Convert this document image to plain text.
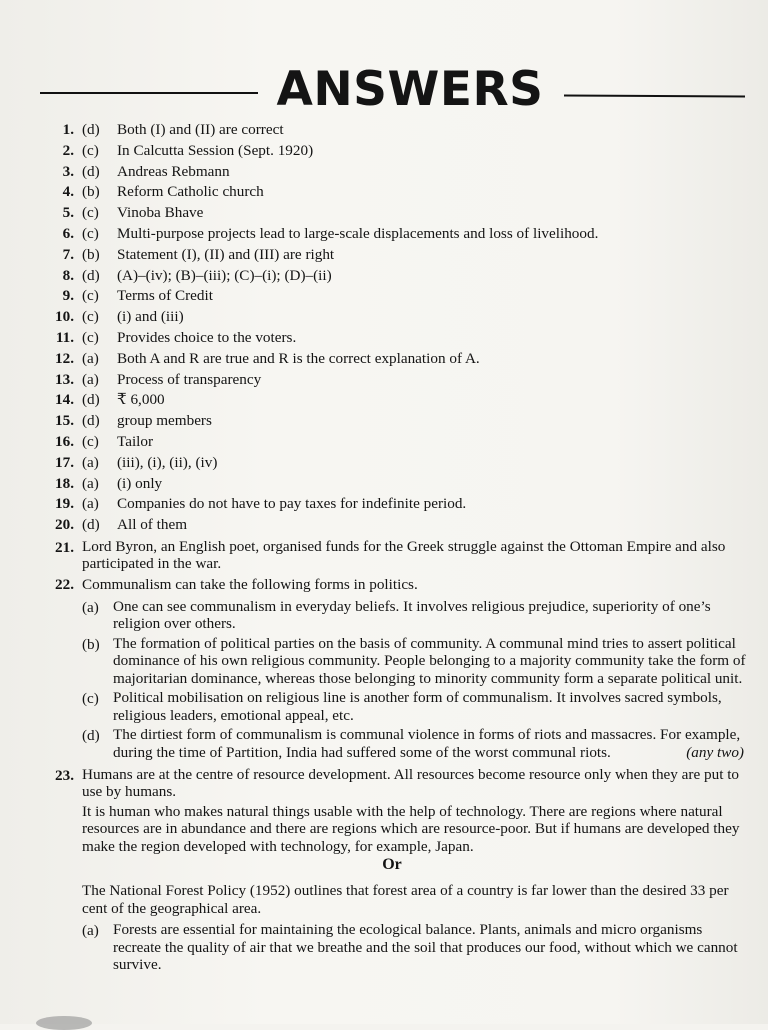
ANSWERS
1. (d)	Both (I) and (II) are correct
2. (c)	In Calcutta Session (Sept. 1920)
3. (d)	Andreas Rebmann
4. (b)	Reform Catholic church
5. (c)	Vinoba Bhave
6. (c)	Multi-purpose projects lead to large-scale displacements and loss of livelihood.
7. (b)	Statement (I), (II) and (III) are right
8. (d)	(A)–(iv); (B)–(iii); (C)–(i); (D)–(ii)
9. (c)	Terms of Credit
10. (c)	(i) and (iii)
11. (c)	Provides choice to the voters.
12. (a)	Both A and R are true and R is the correct explanation of A.
13. (a)	Process of transparency
14. (d)	₹ 6,000
15. (d)	group members
16. (c)	Tailor
17. (a)	(iii), (i), (ii), (iv)
18. (a)	(i) only
19. (a)	Companies do not have to pay taxes for indefinite period.
20. (d)	All of them
21. Lord Byron, an English poet, organised funds for the Greek struggle against the Ottoman Empire and also participated in the war.
22. Communalism can take the following forms in politics.
(a) One can see communalism in everyday beliefs. It involves religious prejudice, superiority of one’s religion over others.
(b) The formation of political parties on the basis of community. A communal mind tries to assert political dominance of his own religious community. People belonging to a majority community take the form of majoritarian dominance, whereas those belonging to minority community form a separate political unit.
(c) Political mobilisation on religious line is another form of communalism. It involves sacred symbols, religious leaders, emotional appeal, etc.
(d) The dirtiest form of communalism is communal violence in forms of riots and massacres. For example, during the time of Partition, India had suffered some of the worst communal riots.	(any two)
23. Humans are at the centre of resource development. All resources become resource only when they are put to use by humans.
It is human who makes natural things usable with the help of technology. There are regions where natural resources are in abundance and there are regions which are resource-poor. But if humans are developed they make the region developed with technology, for example, Japan.
Or
The National Forest Policy (1952) outlines that forest area of a country is far lower than the desired 33 per cent of the geographical area.
(a) Forests are essential for maintaining the ecological balance. Plants, animals and micro organisms recreate the quality of air that we breathe and the soil that produces our food, without which we cannot survive.
